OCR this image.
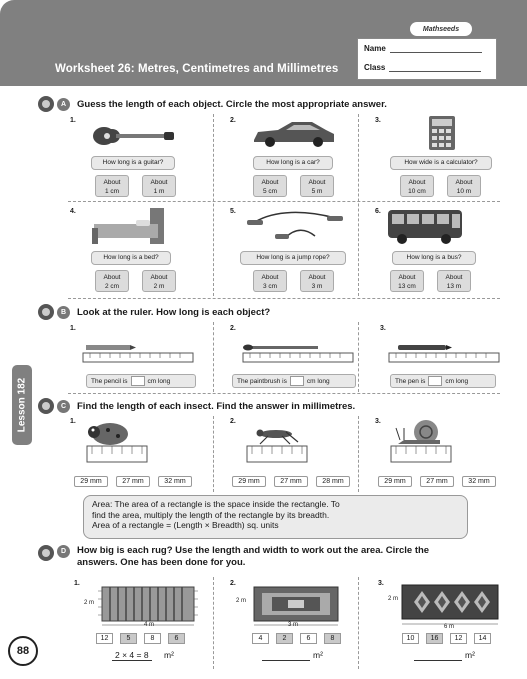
Mathseeds
Name
Class
Worksheet 26: Metres, Centimetres and Millimetres
Lesson 182
A	Guess the length of each object. Circle the most appropriate answer.
1.
How long is a guitar?
About
1 cm
About
1 m
2.
How long is a car?
About
5 cm
About
5 m
3.
How wide is a calculator?
About
10 cm
About
10 m
4.
How long is a bed?
About
2 cm
About
2 m
5.
How long is a jump rope?
About
3 cm
About
3 m
6.
How long is a bus?
About
13 cm
About
13 m
B	Look at the ruler. How long is each object?
1.
The pencil is	cm long
2.
The paintbrush is	cm long
3.
The pen is	cm long
C	Find the length of each insect. Find the answer in millimetres.
1.
29 mm	27 mm	32 mm
2.
29 mm	27 mm	28 mm
3.
29 mm	27 mm	32 mm
Area: The area of a rectangle is the space inside the rectangle. To
find the area, multiply the length of the rectangle by its breadth.
Area of a rectangle = (Length × Breadth) sq. units
D	How big is each rug? Use the length and width to work out the area. Circle the
answers. One has been done for you.
1.
2 m
4 m
12	5	8	6
2 × 4 = 8	m²
2.
2 m
3 m
4	2	6	8
m²
3.
2 m
6 m
10	16	12	14
m²
88
